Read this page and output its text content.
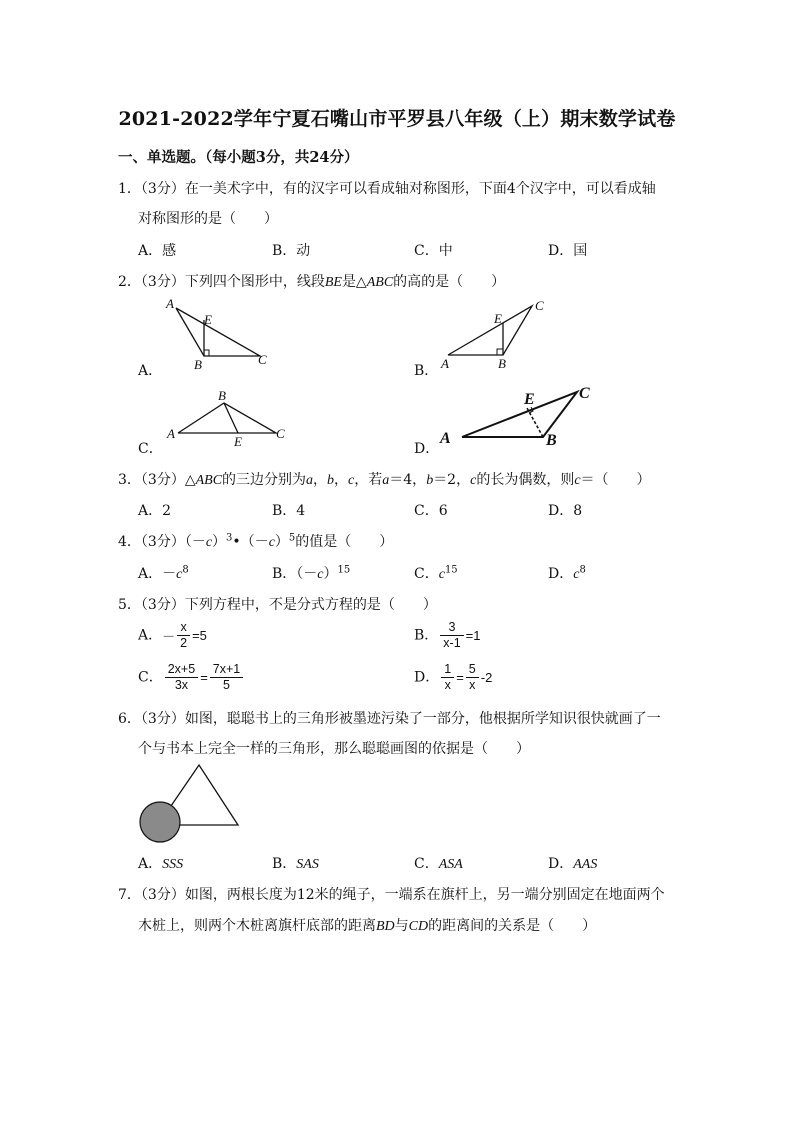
2021-2022学年宁夏石嘴山市平罗县八年级（上）期末数学试卷
一、单选题。（每小题3分，共24分）
1．（3分）在一美术字中，有的汉字可以看成轴对称图形，下面4个汉字中，可以看成轴
对称图形的是（　　）
A．感	B．动	C．中	D．国
2．（3分）下列四个图形中，线段BE是△ABC的高的是（　　）
A．
A
E
B	C
B． A
E
B
C
C．
A
B
E
C
D．
A
E
B
C
3．（3分）△ABC的三边分别为a，b，c，若a＝4，b＝2，c的长为偶数，则c＝（　　）
A．2	B．4	C．6	D．8
4．（3分）$(-c)^3•(-c)^5$的值是（　　）
A．$-c^8$	B．$(-c)^{15}$	C．$c^{15}$	D．$c^8$
5．（3分）下列方程中，不是分式方程的是（　　）
A．－ $\frac{x}{2} =5$	B． $\frac{3}{x-1} =1$
C． $\frac{2x+5}{3x} = \frac{7x+1}{5}$	D． $\frac{1}{x} = \frac{5}{x} -2$
6．（3分）如图，聪聪书上的三角形被墨迹污染了一部分，他根据所学知识很快就画了一
个与书本上完全一样的三角形，那么聪聪画图的依据是（　　）
A．SSS	B．SAS	C．ASA	D．AAS
7．（3分）如图，两根长度为12米的绳子，一端系在旗杆上，另一端分别固定在地面两个
木桩上，则两个木桩离旗杆底部的距离BD与CD的距离间的关系是（　　）
